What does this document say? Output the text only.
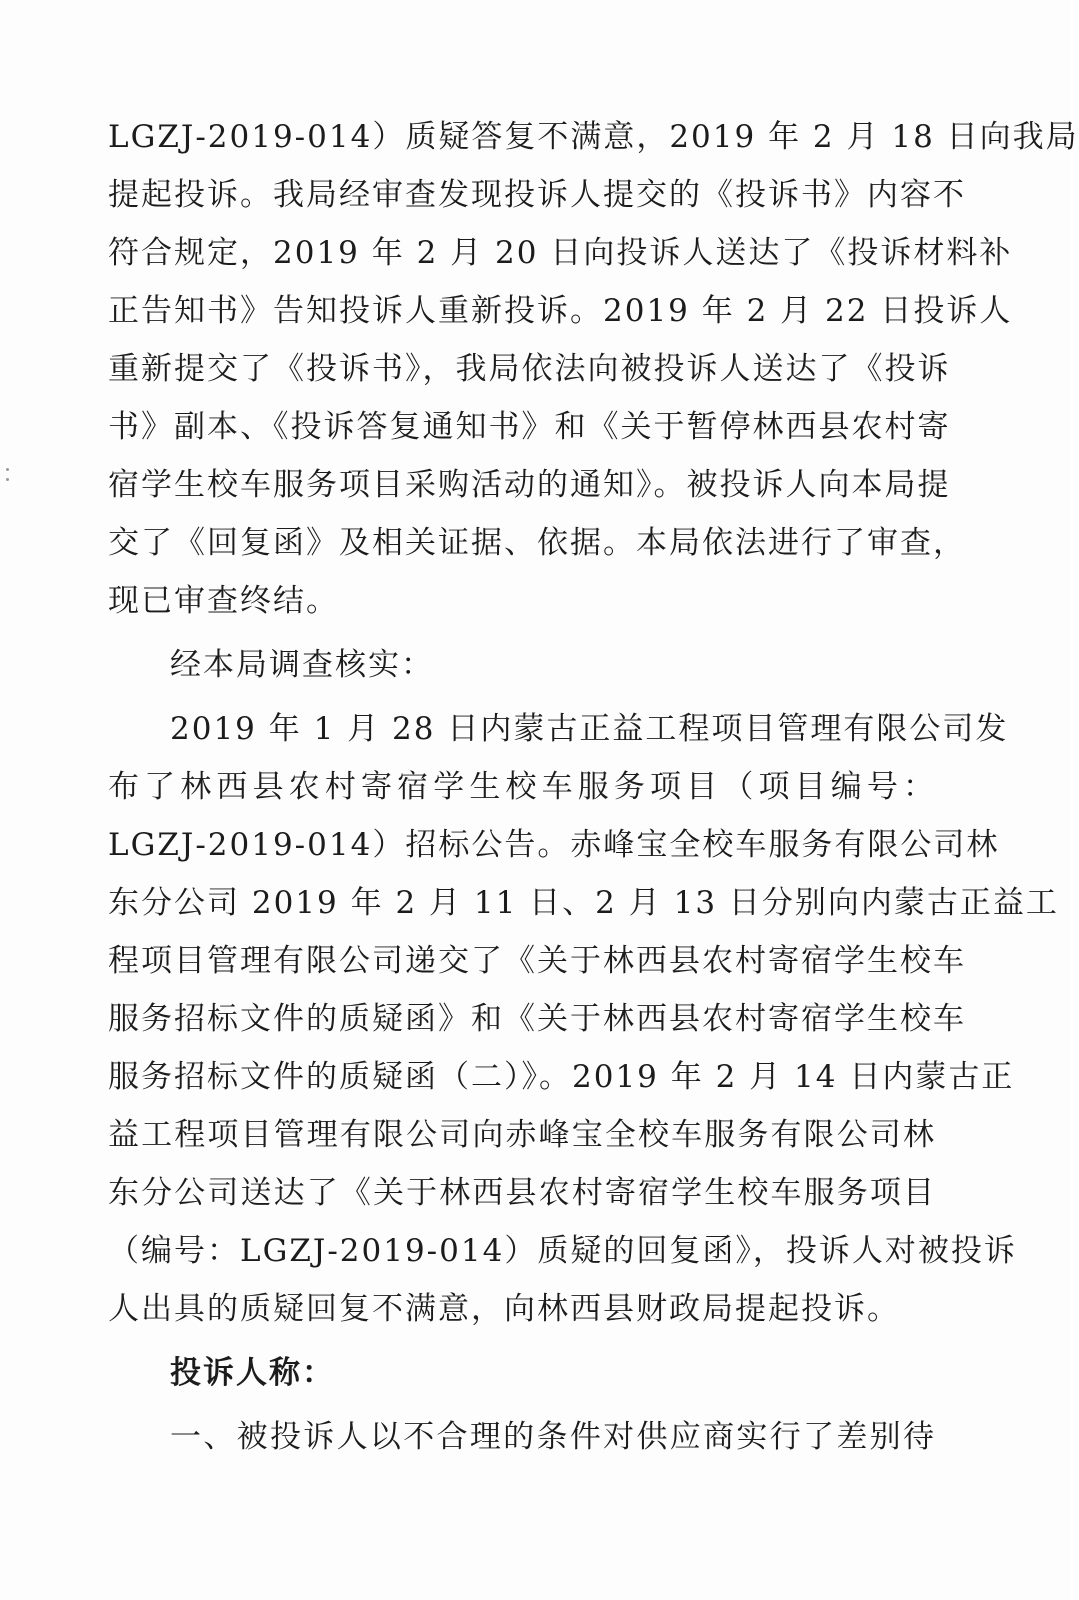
LGZJ-2019-014）质疑答复不满意，2019 年 2 月 18 日向我局
提起投诉。我局经审查发现投诉人提交的《投诉书》内容不
符合规定，2019 年 2 月 20 日向投诉人送达了《投诉材料补
正告知书》告知投诉人重新投诉。2019 年 2 月 22 日投诉人
重新提交了《投诉书》，我局依法向被投诉人送达了《投诉
书》副本、《投诉答复通知书》和《关于暂停林西县农村寄
宿学生校车服务项目采购活动的通知》。被投诉人向本局提
交了《回复函》及相关证据、依据。本局依法进行了审查，
现已审查终结。
经本局调查核实：
2019 年 1 月 28 日内蒙古正益工程项目管理有限公司发
布了林西县农村寄宿学生校车服务项目（项目编号：
LGZJ-2019-014）招标公告。赤峰宝全校车服务有限公司林
东分公司 2019 年 2 月 11 日、2 月 13 日分别向内蒙古正益工
程项目管理有限公司递交了《关于林西县农村寄宿学生校车
服务招标文件的质疑函》和《关于林西县农村寄宿学生校车
服务招标文件的质疑函（二）》。2019 年 2 月 14 日内蒙古正
益工程项目管理有限公司向赤峰宝全校车服务有限公司林
东分公司送达了《关于林西县农村寄宿学生校车服务项目
（编号：LGZJ-2019-014）质疑的回复函》，投诉人对被投诉
人出具的质疑回复不满意，向林西县财政局提起投诉。
投诉人称：
一、被投诉人以不合理的条件对供应商实行了差别待
